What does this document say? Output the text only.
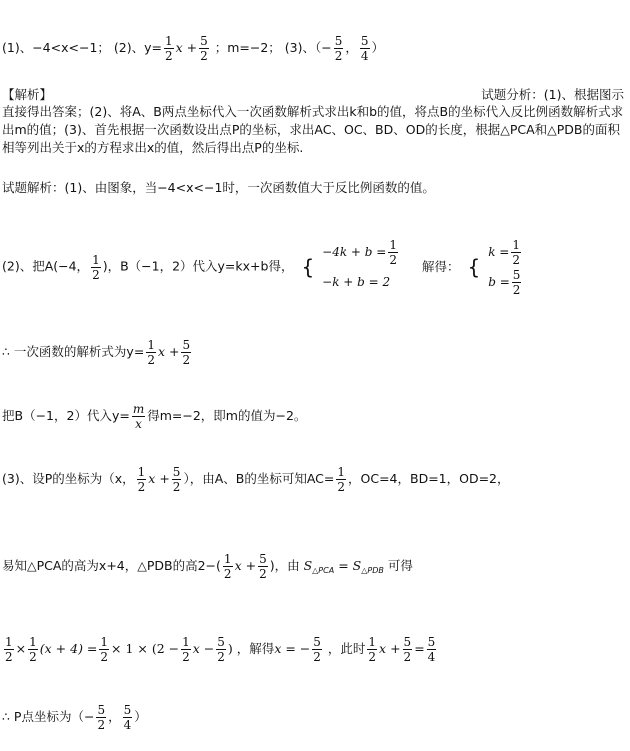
(1)、−4<x<−1； (2)、$y= \frac{1}{2}$ $x + \frac{5}{2}$ ；m=−2； (3)、（− $\frac{5}{2}$ ， $\frac{5}{4}$ ）
【解析】	试题分析：(1)、根据图示
直接得出答案；(2)、将A、B两点坐标代入一次函数解析式求出k和b的值，将点B的坐标代入反比例函数解析式求出m的值；(3)、首先根据一次函数设出点P的坐标，求出AC、OC、BD、OD的长度，根据△PCA和△PDB的面积相等列出关于x的方程求出x的值，然后得出点P的坐标.
试题解析：(1)、由图象，当−4<x<−1时，一次函数值大于反比例函数的值。
(2)、把A(−4， $\frac{1}{2}$ )，B（−1，2）代入y=kx+b得， {
$-4k + b = \frac{1}{2}$
−k + b = 2
解得： {
$k = \frac{1}{2}$
$b = \frac{5}{2}$
∴ 一次函数的解析式为$y= \frac{1}{2}$ $x + \frac{5}{2}$
把B（−1，2）代入$y= \frac{m}{x}$ 得m=−2，即m的值为−2。
(3)、设P的坐标为（x， $\frac{1}{2}$ $x + \frac{5}{2}$ ），由A、B的坐标可知$AC= \frac{1}{2}$ ，OC=4，BD=1，OD=2，
易知△PCA的高为x+4，△PDB的高$2-( \frac{1}{2}$ $x + \frac{5}{2}$ )，由 $S_{\triangle PCA} = S_{\triangle PDB}$ 可得
$\frac{1}{2} \times \frac{1}{2} (x + 4) = \frac{1}{2} \times 1 \times (2 - \frac{1}{2}$ $x - \frac{5}{2}$ ) ，解得x = − $\frac{5}{2}$ ，此时 $\frac{1}{2}$ $x + \frac{5}{2} = \frac{5}{4}$
∴ P点坐标为（− $\frac{5}{2}$ ， $\frac{5}{4}$ ）
